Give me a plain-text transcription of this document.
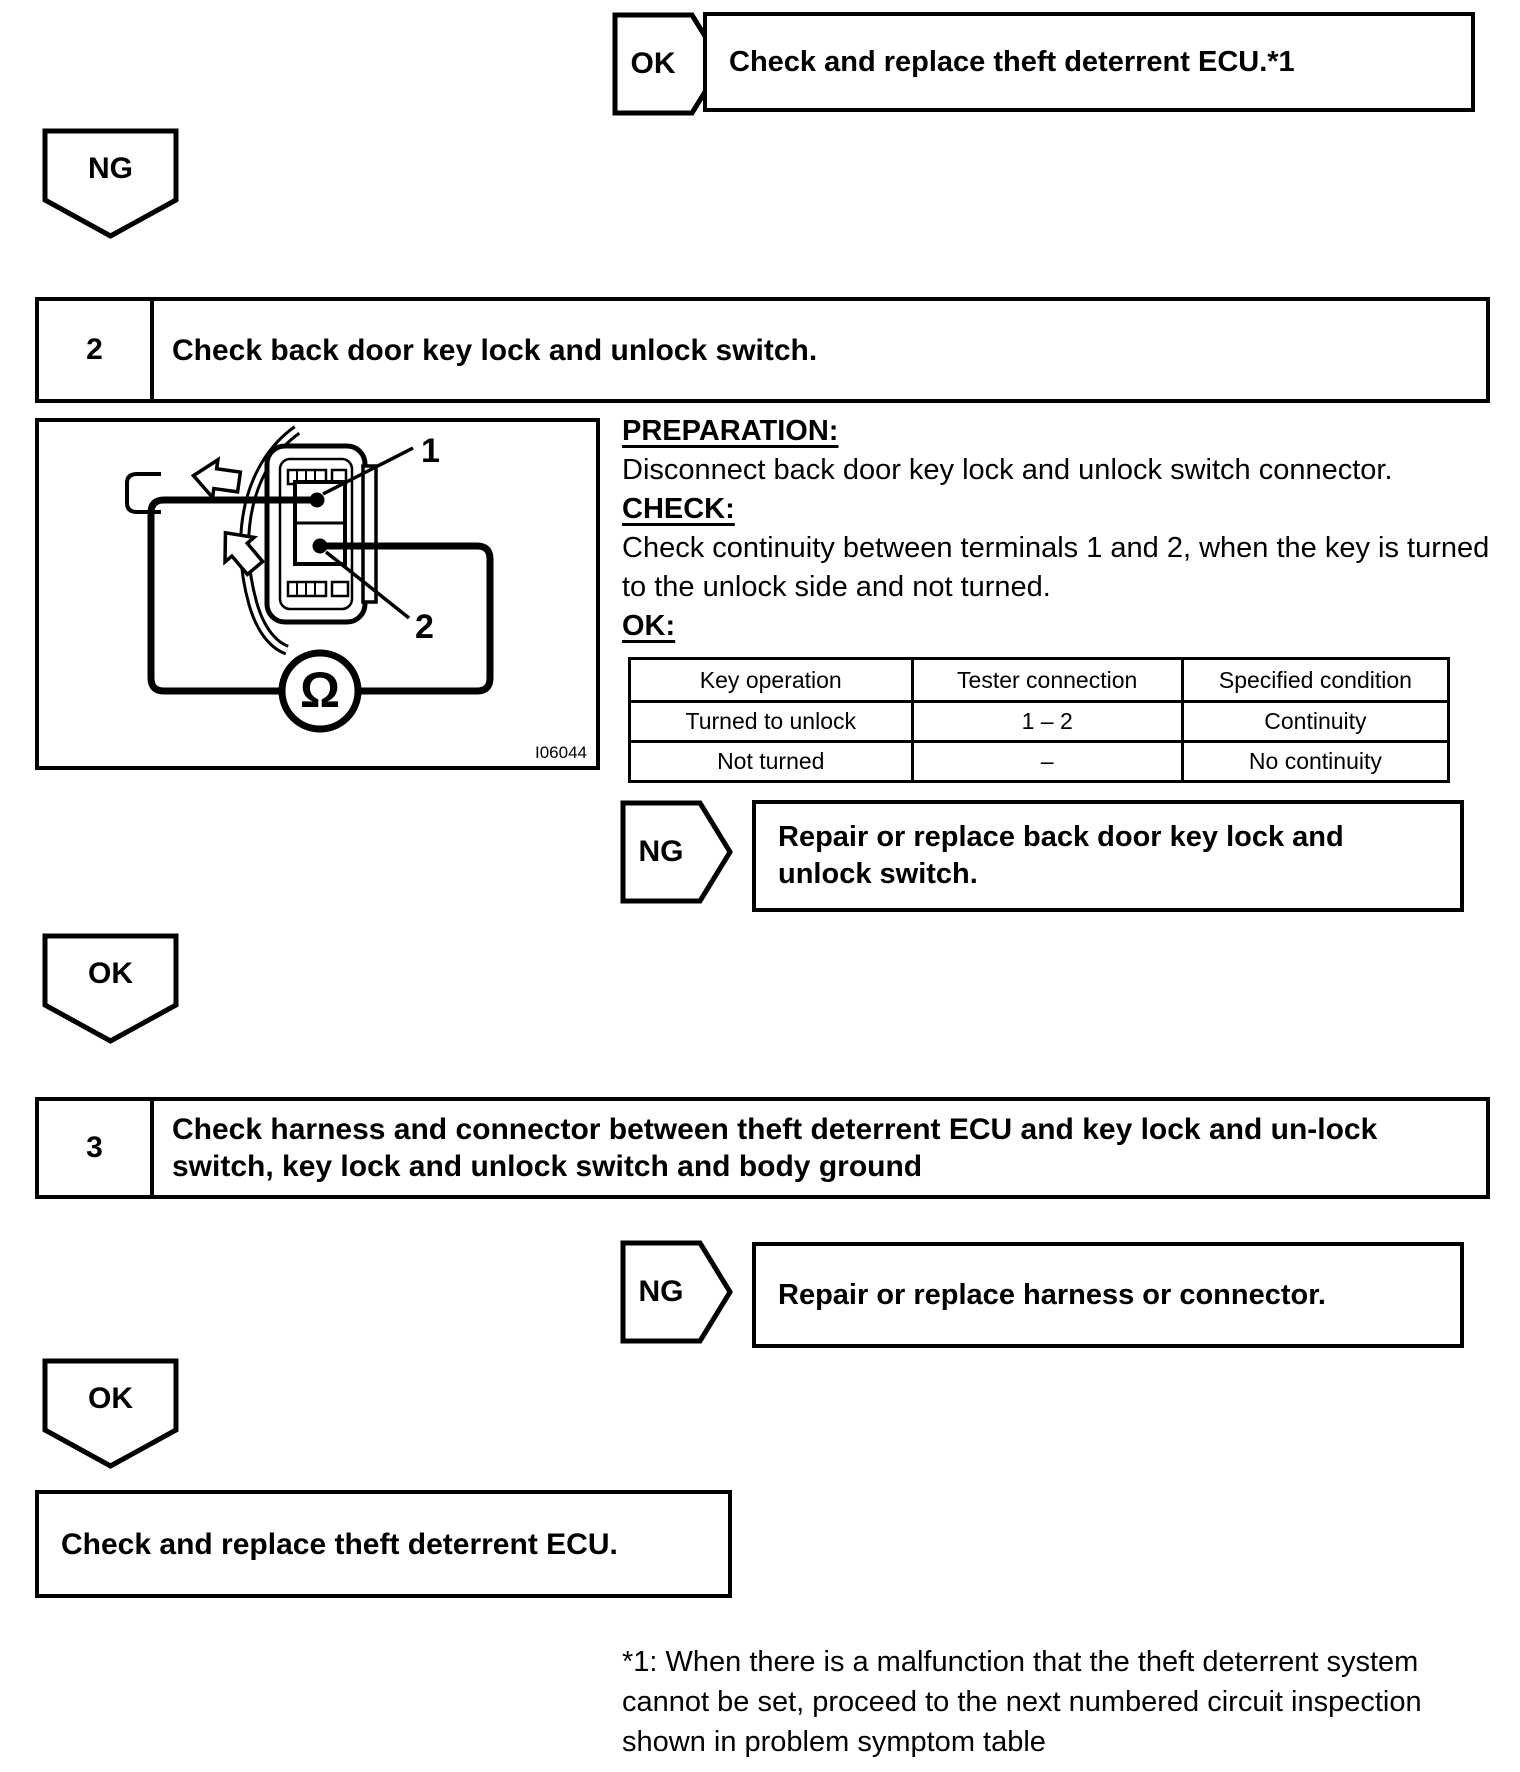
OK	Check and replace theft deterrent ECU.*1
NG
2	Check back door key lock and unlock switch.
1
2
Ω
I06044
PREPARATION:
Disconnect back door key lock and unlock switch connector.
CHECK:
Check continuity between terminals 1 and 2, when the key is turned to the unlock side and not turned.
OK:
Key operation	Tester connection	Specified condition
Turned to unlock	1 – 2	Continuity
Not turned	–	No continuity
NG	Repair or replace back door key lock and unlock switch.
OK
3
Check harness and connector between theft deterrent ECU and key lock and un-lock switch, key lock and unlock switch and body ground
NG	Repair or replace harness or connector.
OK
Check and replace theft deterrent ECU.
*1: When there is a malfunction that the theft deterrent system cannot be set, proceed to the next numbered circuit inspection shown in problem symptom table
